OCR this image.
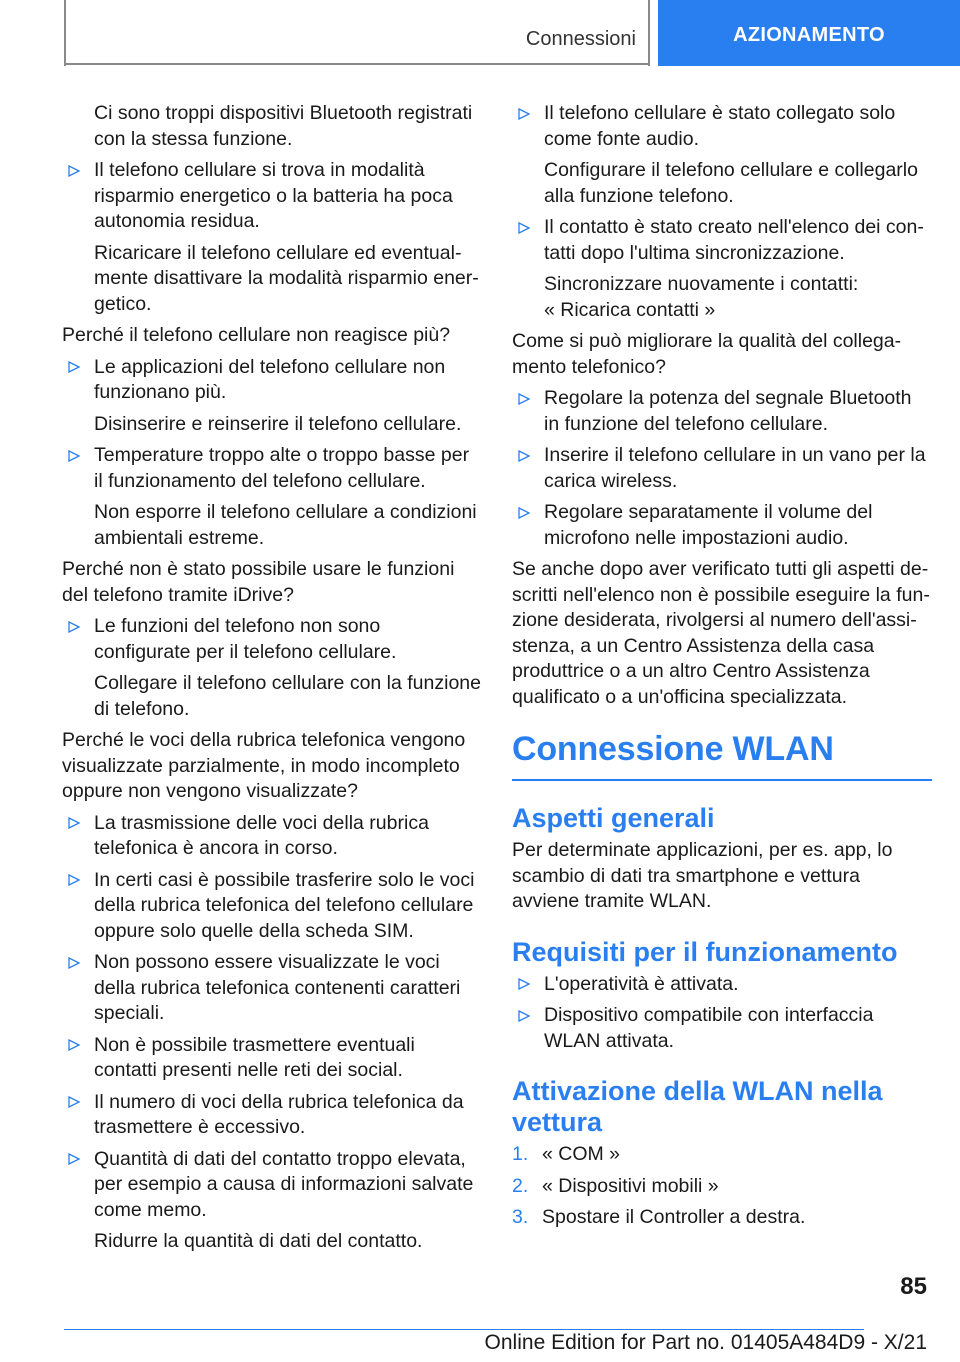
Connessioni	AZIONAMENTO
Ci sono troppi dispositivi Bluetooth registrati con la stessa funzione.
Il telefono cellulare si trova in modalità risparmio energetico o la batteria ha poca autonomia residua.
Ricaricare il telefono cellulare ed eventualmente disattivare la modalità risparmio energetico.
Perché il telefono cellulare non reagisce più?
Le applicazioni del telefono cellulare non funzionano più.
Disinserire e reinserire il telefono cellulare.
Temperature troppo alte o troppo basse per il funzionamento del telefono cellulare.
Non esporre il telefono cellulare a condizioni ambientali estreme.
Perché non è stato possibile usare le funzioni del telefono tramite iDrive?
Le funzioni del telefono non sono configurate per il telefono cellulare.
Collegare il telefono cellulare con la funzione di telefono.
Perché le voci della rubrica telefonica vengono visualizzate parzialmente, in modo incompleto oppure non vengono visualizzate?
La trasmissione delle voci della rubrica telefonica è ancora in corso.
In certi casi è possibile trasferire solo le voci della rubrica telefonica del telefono cellulare oppure solo quelle della scheda SIM.
Non possono essere visualizzate le voci della rubrica telefonica contenenti caratteri speciali.
Non è possibile trasmettere eventuali contatti presenti nelle reti dei social.
Il numero di voci della rubrica telefonica da trasmettere è eccessivo.
Quantità di dati del contatto troppo elevata, per esempio a causa di informazioni salvate come memo.
Ridurre la quantità di dati del contatto.
Il telefono cellulare è stato collegato solo come fonte audio.
Configurare il telefono cellulare e collegarlo alla funzione telefono.
Il contatto è stato creato nell'elenco dei contatti dopo l'ultima sincronizzazione.
Sincronizzare nuovamente i contatti:
« Ricarica contatti »
Come si può migliorare la qualità del collegamento telefonico?
Regolare la potenza del segnale Bluetooth in funzione del telefono cellulare.
Inserire il telefono cellulare in un vano per la carica wireless.
Regolare separatamente il volume del microfono nelle impostazioni audio.
Se anche dopo aver verificato tutti gli aspetti descritti nell'elenco non è possibile eseguire la funzione desiderata, rivolgersi al numero dell'assistenza, a un Centro Assistenza della casa produttrice o a un altro Centro Assistenza qualificato o a un'officina specializzata.
Connessione WLAN
Aspetti generali
Per determinate applicazioni, per es. app, lo scambio di dati tra smartphone e vettura avviene tramite WLAN.
Requisiti per il funzionamento
L'operatività è attivata.
Dispositivo compatibile con interfaccia WLAN attivata.
Attivazione della WLAN nella vettura
1. « COM »
2. « Dispositivi mobili »
3. Spostare il Controller a destra.
85
Online Edition for Part no. 01405A484D9 - X/21
